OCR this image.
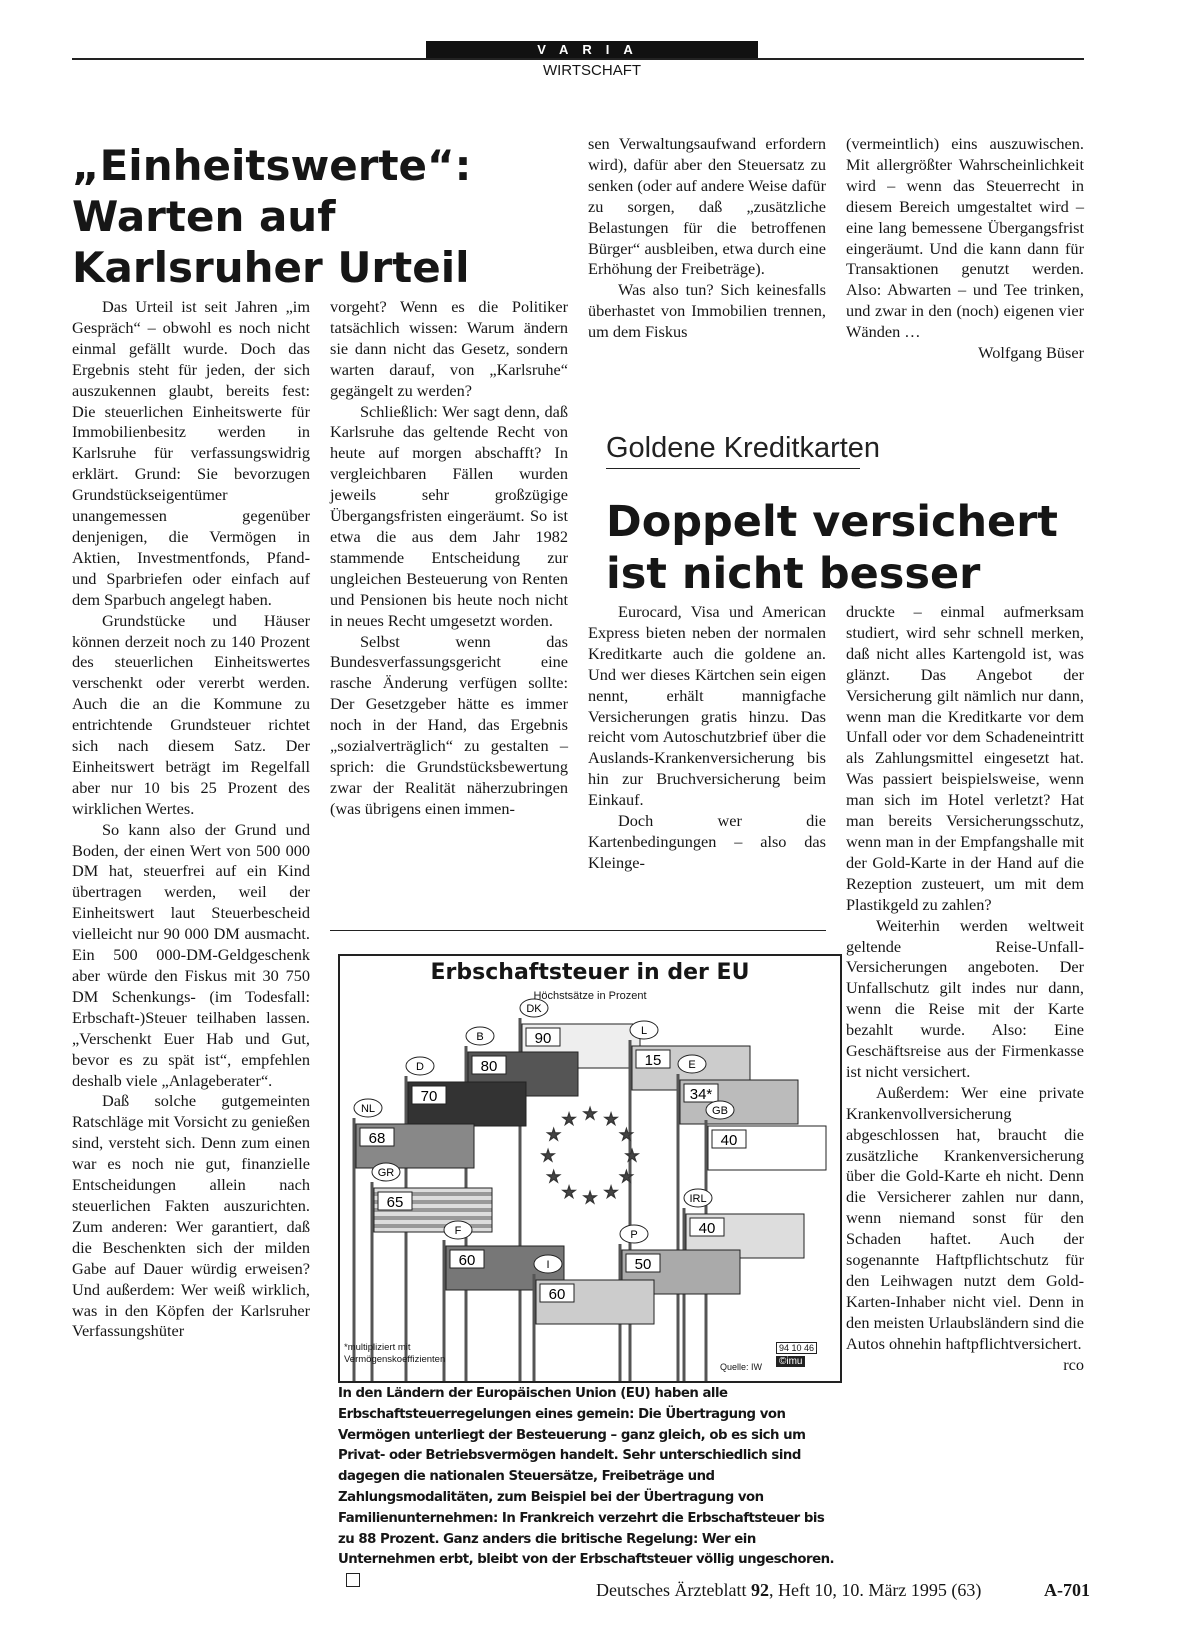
VARIA
WIRTSCHAFT
„Einheitswerte“:
Warten auf
Karlsruher Urteil

Das Urteil ist seit Jahren „im Gespräch“ – obwohl es noch nicht einmal gefällt wurde. Doch das Ergebnis steht für jeden, der sich auszukennen glaubt, bereits fest: Die steuerlichen Einheitswerte für Immobilienbesitz werden in Karlsruhe für verfassungswidrig erklärt. Grund: Sie bevorzugen Grundstückseigentümer unangemessen gegenüber denjenigen, die Vermögen in Aktien, Investmentfonds, Pfand- und Sparbriefen oder einfach auf dem Sparbuch angelegt haben.

Grundstücke und Häuser können derzeit noch zu 140 Prozent des steuerlichen Einheitswertes verschenkt oder vererbt werden. Auch die an die Kommune zu entrichtende Grundsteuer richtet sich nach diesem Satz. Der Einheitswert beträgt im Regelfall aber nur 10 bis 25 Prozent des wirklichen Wertes.

So kann also der Grund und Boden, der einen Wert von 500 000 DM hat, steuerfrei auf ein Kind übertragen werden, weil der Einheitswert laut Steuerbescheid vielleicht nur 90 000 DM ausmacht. Ein 500 000-DM-Geldgeschenk aber würde den Fiskus mit 30 750 DM Schenkungs- (im Todesfall: Erbschaft-)Steuer teilhaben lassen. „Verschenkt Euer Hab und Gut, bevor es zu spät ist“, empfehlen deshalb viele „Anlageberater“.

Daß solche gutgemeinten Ratschläge mit Vorsicht zu genießen sind, versteht sich. Denn zum einen war es noch nie gut, finanzielle Entscheidungen allein nach steuerlichen Fakten auszurichten. Zum anderen: Wer garantiert, daß die Beschenkten sich der milden Gabe auf Dauer würdig erweisen? Und außerdem: Wer weiß wirklich, was in den Köpfen der Karlsruher Verfassungshüter

vorgeht? Wenn es die Politiker tatsächlich wissen: Warum ändern sie dann nicht das Gesetz, sondern warten darauf, von „Karlsruhe“ gegängelt zu werden?

Schließlich: Wer sagt denn, daß Karlsruhe das geltende Recht von heute auf morgen abschafft? In vergleichbaren Fällen wurden jeweils sehr großzügige Übergangsfristen eingeräumt. So ist etwa die aus dem Jahr 1982 stammende Entscheidung zur ungleichen Besteuerung von Renten und Pensionen bis heute noch nicht in neues Recht umgesetzt worden.

Selbst wenn das Bundesverfassungsgericht eine rasche Änderung verfügen sollte: Der Gesetzgeber hätte es immer noch in der Hand, das Ergebnis „sozialverträglich“ zu gestalten – sprich: die Grundstücksbewertung zwar der Realität näherzubringen (was übrigens einen immen-

sen Verwaltungsaufwand erfordern wird), dafür aber den Steuersatz zu senken (oder auf andere Weise dafür zu sorgen, daß „zusätzliche Belastungen für die betroffenen Bürger“ ausbleiben, etwa durch eine Erhöhung der Freibeträge).

Was also tun? Sich keinesfalls überhastet von Immobilien trennen, um dem Fiskus

(vermeintlich) eins auszuwischen. Mit allergrößter Wahrscheinlichkeit wird – wenn das Steuerrecht in diesem Bereich umgestaltet wird – eine lang bemessene Übergangsfrist eingeräumt. Und die kann dann für Transaktionen genutzt werden. Also: Abwarten – und Tee trinken, und zwar in den (noch) eigenen vier Wänden …

Wolfgang Büser
Goldene Kreditkarten
Doppelt versichert
ist nicht besser

Eurocard, Visa und American Express bieten neben der normalen Kreditkarte auch die goldene an. Und wer dieses Kärtchen sein eigen nennt, erhält mannigfache Versicherungen gratis hinzu. Das reicht vom Autoschutzbrief über die Auslands-Krankenversicherung bis hin zur Bruchversicherung beim Einkauf.

Doch wer die Kartenbedingungen – also das Kleinge-

druckte – einmal aufmerksam studiert, wird sehr schnell merken, daß nicht alles Kartengold ist, was glänzt. Das Angebot der Versicherung gilt nämlich nur dann, wenn man die Kreditkarte vor dem Unfall oder vor dem Schadeneintritt als Zahlungsmittel eingesetzt hat. Was passiert beispielsweise, wenn man sich im Hotel verletzt? Hat man bereits Versicherungsschutz, wenn man in der Empfangshalle mit der Gold-Karte in der Hand auf die Rezeption zusteuert, um mit dem Plastikgeld zu zahlen?

Weiterhin werden weltweit geltende Reise-Unfall-Versicherungen angeboten. Der Unfallschutz gilt indes nur dann, wenn die Reise mit der Karte bezahlt wurde. Also: Eine Geschäftsreise aus der Firmenkasse ist nicht versichert.

Außerdem: Wer eine private Krankenvollversicherung abgeschlossen hat, braucht die zusätzliche Krankenversicherung über die Gold-Karte eh nicht. Denn die Versicherer zahlen nur dann, wenn niemand sonst für den Schaden haftet. Auch der sogenannte Haftpflichtschutz für den Leihwagen nutzt dem Gold-Karten-Inhaber nicht viel. Denn in den meisten Urlaubsländern sind die Autos ohnehin haftpflichtversichert.

rco
90
DK
15
L
80
B
34*
E
70
D
40
GB
68
NL
40
IRL
65
GR
50
P
60
F
60
I
★
★
★
★
★
★
★
★
★ ★ ★
★
Erbschaftsteuer in der EU
Höchstsätze in Prozent
*multipliziert mit
Vermögenskoeffizienten
Quelle: IW
94 10 46
©imu
In den Ländern der Europäischen Union (EU) haben alle Erbschaftsteuerregelungen eines gemein: Die Übertragung von Vermögen unterliegt der Besteuerung – ganz gleich, ob es sich um Privat- oder Betriebsvermögen handelt. Sehr unterschiedlich sind dagegen die nationalen Steuersätze, Freibeträge und Zahlungsmodalitäten, zum Beispiel bei der Übertragung von Familienunternehmen: In Frankreich verzehrt die Erbschaftsteuer bis zu 88 Prozent. Ganz anders die britische Regelung: Wer ein Unternehmen erbt, bleibt von der Erbschaftsteuer völlig ungeschoren.
Deutsches Ärzteblatt 92, Heft 10, 10. März 1995 (63)	A-701
